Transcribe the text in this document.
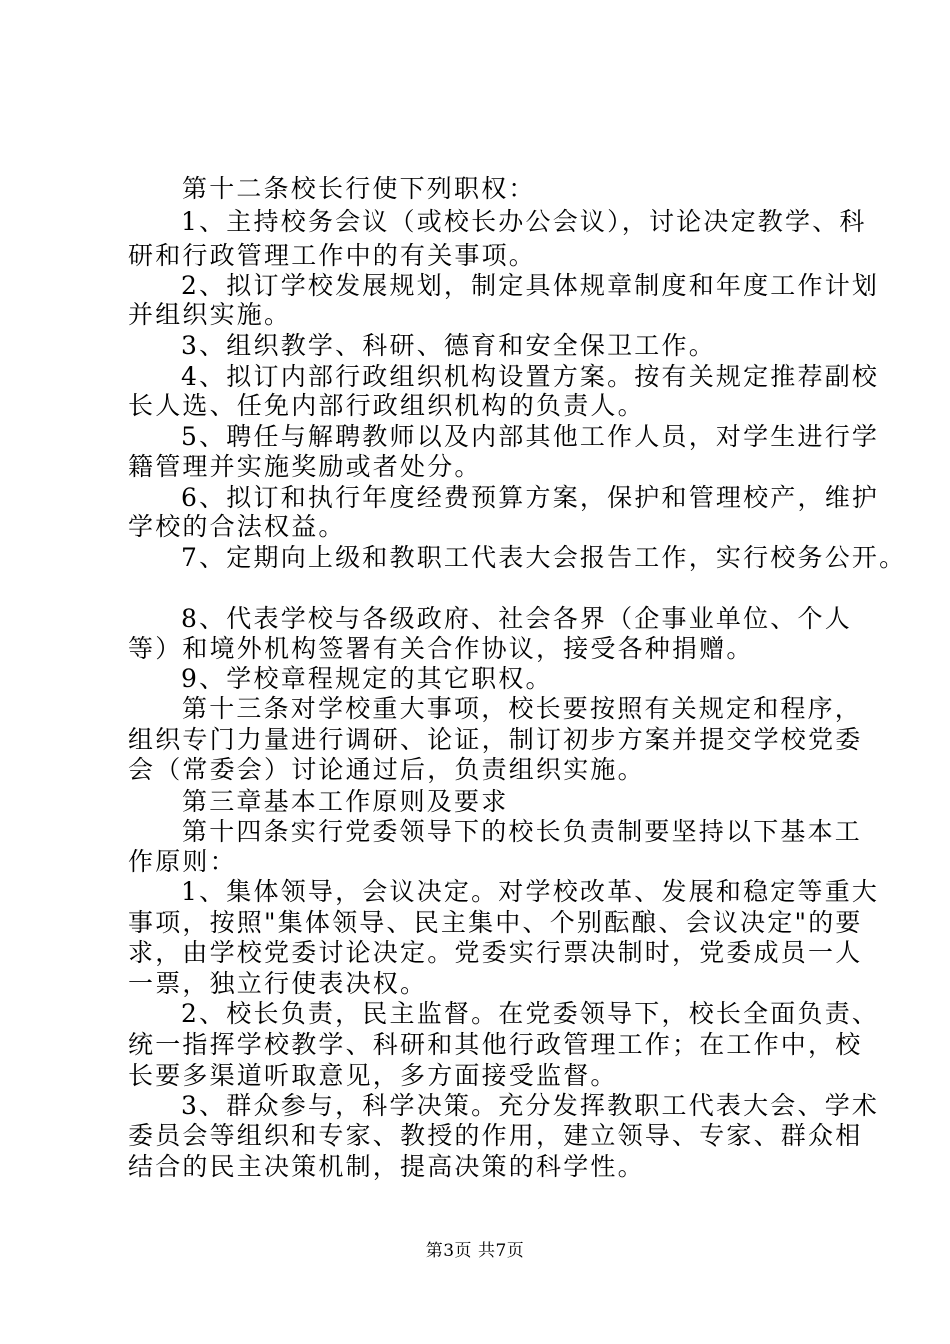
第十二条校长行使下列职权：
1、主持校务会议（或校长办公会议），讨论决定教学、科
研和行政管理工作中的有关事项。
2、拟订学校发展规划，制定具体规章制度和年度工作计划
并组织实施。
3、组织教学、科研、德育和安全保卫工作。
4、拟订内部行政组织机构设置方案。按有关规定推荐副校
长人选、任免内部行政组织机构的负责人。
5、聘任与解聘教师以及内部其他工作人员，对学生进行学
籍管理并实施奖励或者处分。
6、拟订和执行年度经费预算方案，保护和管理校产，维护
学校的合法权益。
7、定期向上级和教职工代表大会报告工作，实行校务公开。
8、代表学校与各级政府、社会各界（企事业单位、个人
等）和境外机构签署有关合作协议，接受各种捐赠。
9、学校章程规定的其它职权。
第十三条对学校重大事项，校长要按照有关规定和程序，
组织专门力量进行调研、论证，制订初步方案并提交学校党委
会（常委会）讨论通过后，负责组织实施。
第三章基本工作原则及要求
第十四条实行党委领导下的校长负责制要坚持以下基本工
作原则：
1、集体领导，会议决定。对学校改革、发展和稳定等重大
事项，按照"集体领导、民主集中、个别酝酿、会议决定"的要
求，由学校党委讨论决定。党委实行票决制时，党委成员一人
一票，独立行使表决权。
2、校长负责，民主监督。在党委领导下，校长全面负责、
统一指挥学校教学、科研和其他行政管理工作；在工作中，校
长要多渠道听取意见，多方面接受监督。
3、群众参与，科学决策。充分发挥教职工代表大会、学术
委员会等组织和专家、教授的作用，建立领导、专家、群众相
结合的民主决策机制，提高决策的科学性。
第3页 共7页
